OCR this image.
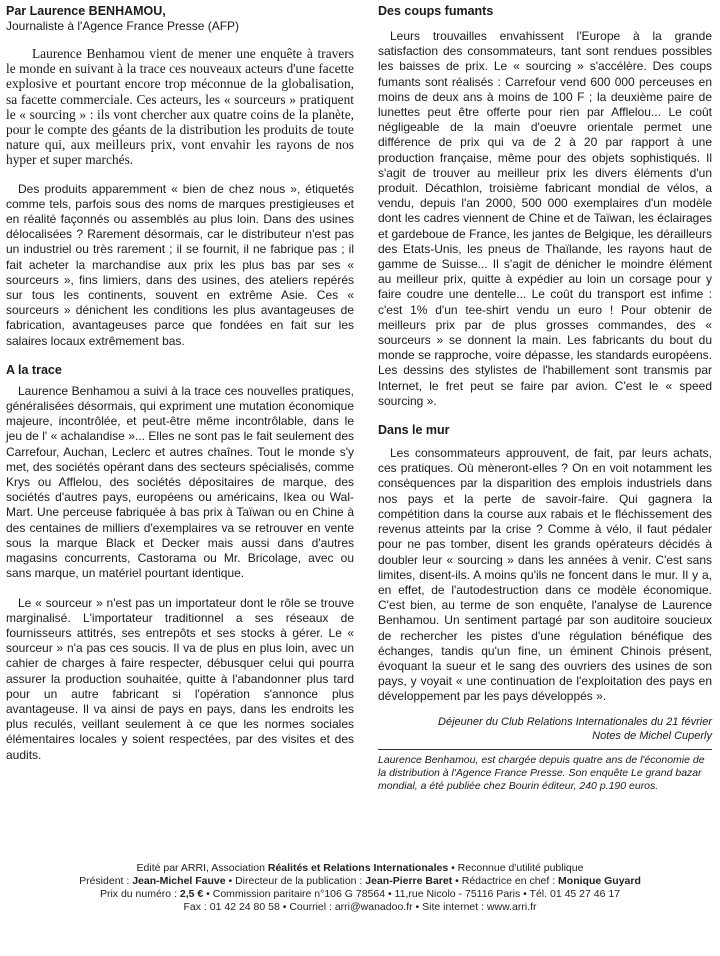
Par Laurence BENHAMOU,
Journaliste à l'Agence France Presse (AFP)

Laurence Benhamou vient de mener une enquête à travers le monde en suivant à la trace ces nouveaux acteurs d'une facette explosive et pourtant encore trop méconnue de la globalisation, sa facette commerciale. Ces acteurs, les « sourceurs » pratiquent le « sourcing » : ils vont chercher aux quatre coins de la planète, pour le compte des géants de la distribution les produits de toute nature qui, aux meilleurs prix, vont envahir les rayons de nos hyper et super marchés.

Des produits apparemment « bien de chez nous », étiquetés comme tels, parfois sous des noms de marques prestigieuses et en réalité façonnés ou assemblés au plus loin. Dans des usines délocalisées ? Rarement désormais, car le distributeur n'est pas un industriel ou très rarement ; il se fournit, il ne fabrique pas ; il fait acheter la marchandise aux prix les plus bas par ses « sourceurs », fins limiers, dans des usines, des ateliers repérés sur tous les continents, souvent en extrême Asie. Ces « sourceurs » dénichent les conditions les plus avantageuses de fabrication, avantageuses parce que fondées en fait sur les salaires locaux extrêmement bas.

A la trace

Laurence Benhamou a suivi à la trace ces nouvelles pratiques, généralisées désormais, qui expriment une mutation économique majeure, incontrôlée, et peut-être même incontrôlable, dans le jeu de l' « achalandise »... Elles ne sont pas le fait seulement des Carrefour, Auchan, Leclerc et autres chaînes. Tout le monde s'y met, des sociétés opérant dans des secteurs spécialisés, comme Krys ou Afflelou, des sociétés dépositaires de marque, des sociétés d'autres pays, européens ou américains, Ikea ou Wal-Mart. Une perceuse fabriquée à bas prix à Taïwan ou en Chine à des centaines de milliers d'exemplaires va se retrouver en vente sous la marque Black et Decker mais aussi dans d'autres magasins concurrents, Castorama ou Mr. Bricolage, avec ou sans marque, un matériel pourtant identique.

Le « sourceur » n'est pas un importateur dont le rôle se trouve marginalisé. L'importateur traditionnel a ses réseaux de fournisseurs attitrés, ses entrepôts et ses stocks à gérer. Le « sourceur » n'a pas ces soucis. Il va de plus en plus loin, avec un cahier de charges à faire respecter, débusquer celui qui pourra assurer la production souhaitée, quitte à l'abandonner plus tard pour un autre fabricant si l'opération s'annonce plus avantageuse. Il va ainsi de pays en pays, dans les endroits les plus reculés, veillant seulement à ce que les normes sociales élémentaires locales y soient respectées, par des visites et des audits.

Des coups fumants

Leurs trouvailles envahissent l'Europe à la grande satisfaction des consommateurs, tant sont rendues possibles les baisses de prix. Le « sourcing » s'accélère. Des coups fumants sont réalisés : Carrefour vend 600 000 perceuses en moins de deux ans à moins de 100 F ; la deuxième paire de lunettes peut être offerte pour rien par Afflelou... Le coût négligeable de la main d'oeuvre orientale permet une différence de prix qui va de 2 à 20 par rapport à une production française, même pour des objets sophistiqués. Il s'agit de trouver au meilleur prix les divers éléments d'un produit. Décathlon, troisième fabricant mondial de vélos, a vendu, depuis l'an 2000, 500 000 exemplaires d'un modèle dont les cadres viennent de Chine et de Taïwan, les éclairages et gardeboue de France, les jantes de Belgique, les dérailleurs des Etats-Unis, les pneus de Thaïlande, les rayons haut de gamme de Suisse... Il s'agit de dénicher le moindre élément au meilleur prix, quitte à expédier au loin un corsage pour y faire coudre une dentelle... Le coût du transport est infime : c'est 1% d'un tee-shirt vendu un euro ! Pour obtenir de meilleurs prix par de plus grosses commandes, des « sourceurs » se donnent la main. Les fabricants du bout du monde se rapproche, voire dépasse, les standards européens. Les dessins des stylistes de l'habillement sont transmis par Internet, le fret peut se faire par avion. C'est le « speed sourcing ».

Dans le mur

Les consommateurs approuvent, de fait, par leurs achats, ces pratiques. Où mèneront-elles ? On en voit notamment les conséquences par la disparition des emplois industriels dans nos pays et la perte de savoir-faire. Qui gagnera la compétition dans la course aux rabais et le fléchissement des revenus atteints par la crise ? Comme à vélo, il faut pédaler pour ne pas tomber, disent les grands opérateurs décidés à doubler leur « sourcing » dans les années à venir. C'est sans limites, disent-ils. A moins qu'ils ne foncent dans le mur. Il y a, en effet, de l'autodestruction dans ce modèle économique. C'est bien, au terme de son enquête, l'analyse de Laurence Benhamou. Un sentiment partagé par son auditoire soucieux de rechercher les pistes d'une régulation bénéfique des échanges, tandis qu'un fine, un éminent Chinois présent, évoquant la sueur et le sang des ouvriers des usines de son pays, y voyait « une continuation de l'exploitation des pays en développement par les pays développés ».

Déjeuner du Club Relations Internationales du 21 février
Notes de Michel Cuperly

Laurence Benhamou, est chargée depuis quatre ans de l'économie de la distribution à l'Agence France Presse. Son enquête Le grand bazar mondial, a été publiée chez Bourin éditeur, 240 p.190 euros.

Edité par ARRI, Association Réalités et Relations Internationales • Reconnue d'utilité publique
Président : Jean-Michel Fauve • Directeur de la publication : Jean-Pierre Baret • Rédactrice en chef : Monique Guyard
Prix du numéro : 2,5 € • Commission paritaire n°106 G 78564 • 11,rue Nicolo - 75116 Paris • Tél. 01 45 27 46 17
Fax : 01 42 24 80 58 • Courriel : arri@wanadoo.fr • Site internet : www.arri.fr
